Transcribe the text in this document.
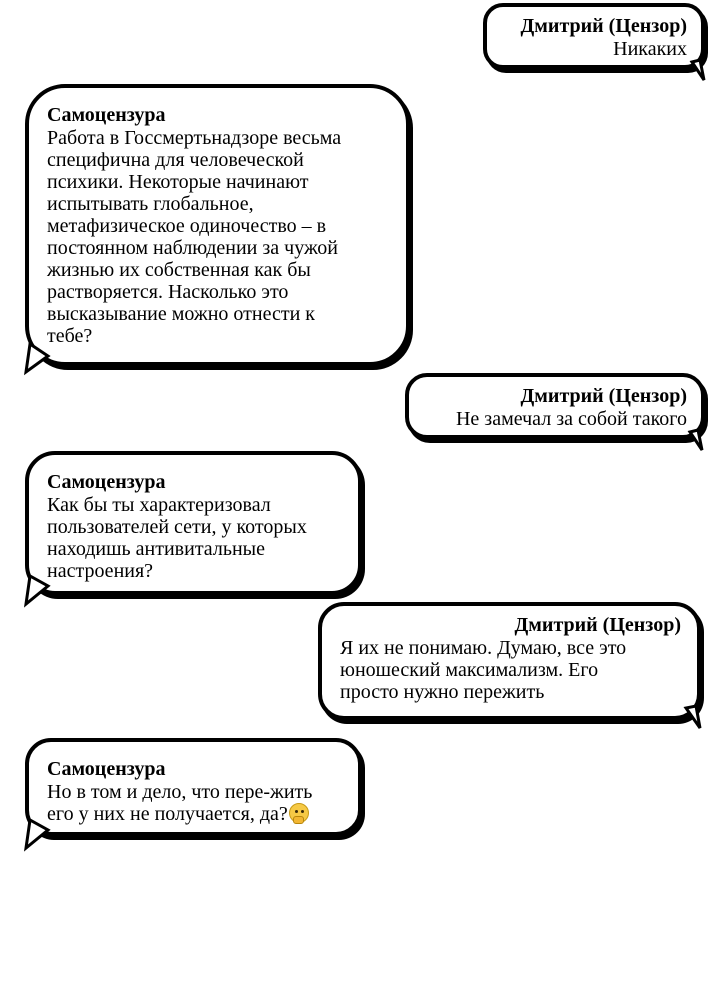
Дмитрий (Цензор)
Никаких
Самоцензура
Работа в Госсмертьнадзоре весьма
специфична для человеческой
психики. Некоторые начинают
испытывать глобальное,
метафизическое одиночество – в
постоянном наблюдении за чужой
жизнью их собственная как бы
растворяется. Насколько это
высказывание можно отнести к
тебе?
Дмитрий (Цензор)
Не замечал за собой такого
Самоцензура
Как бы ты характеризовал
пользователей сети, у которых
находишь антивитальные
настроения?
Дмитрий (Цензор)
Я их не понимаю. Думаю, все это
юношеский максимализм. Его
просто нужно пережить
Самоцензура
Но в том и дело, что пере-жить
его у них не получается, да?
